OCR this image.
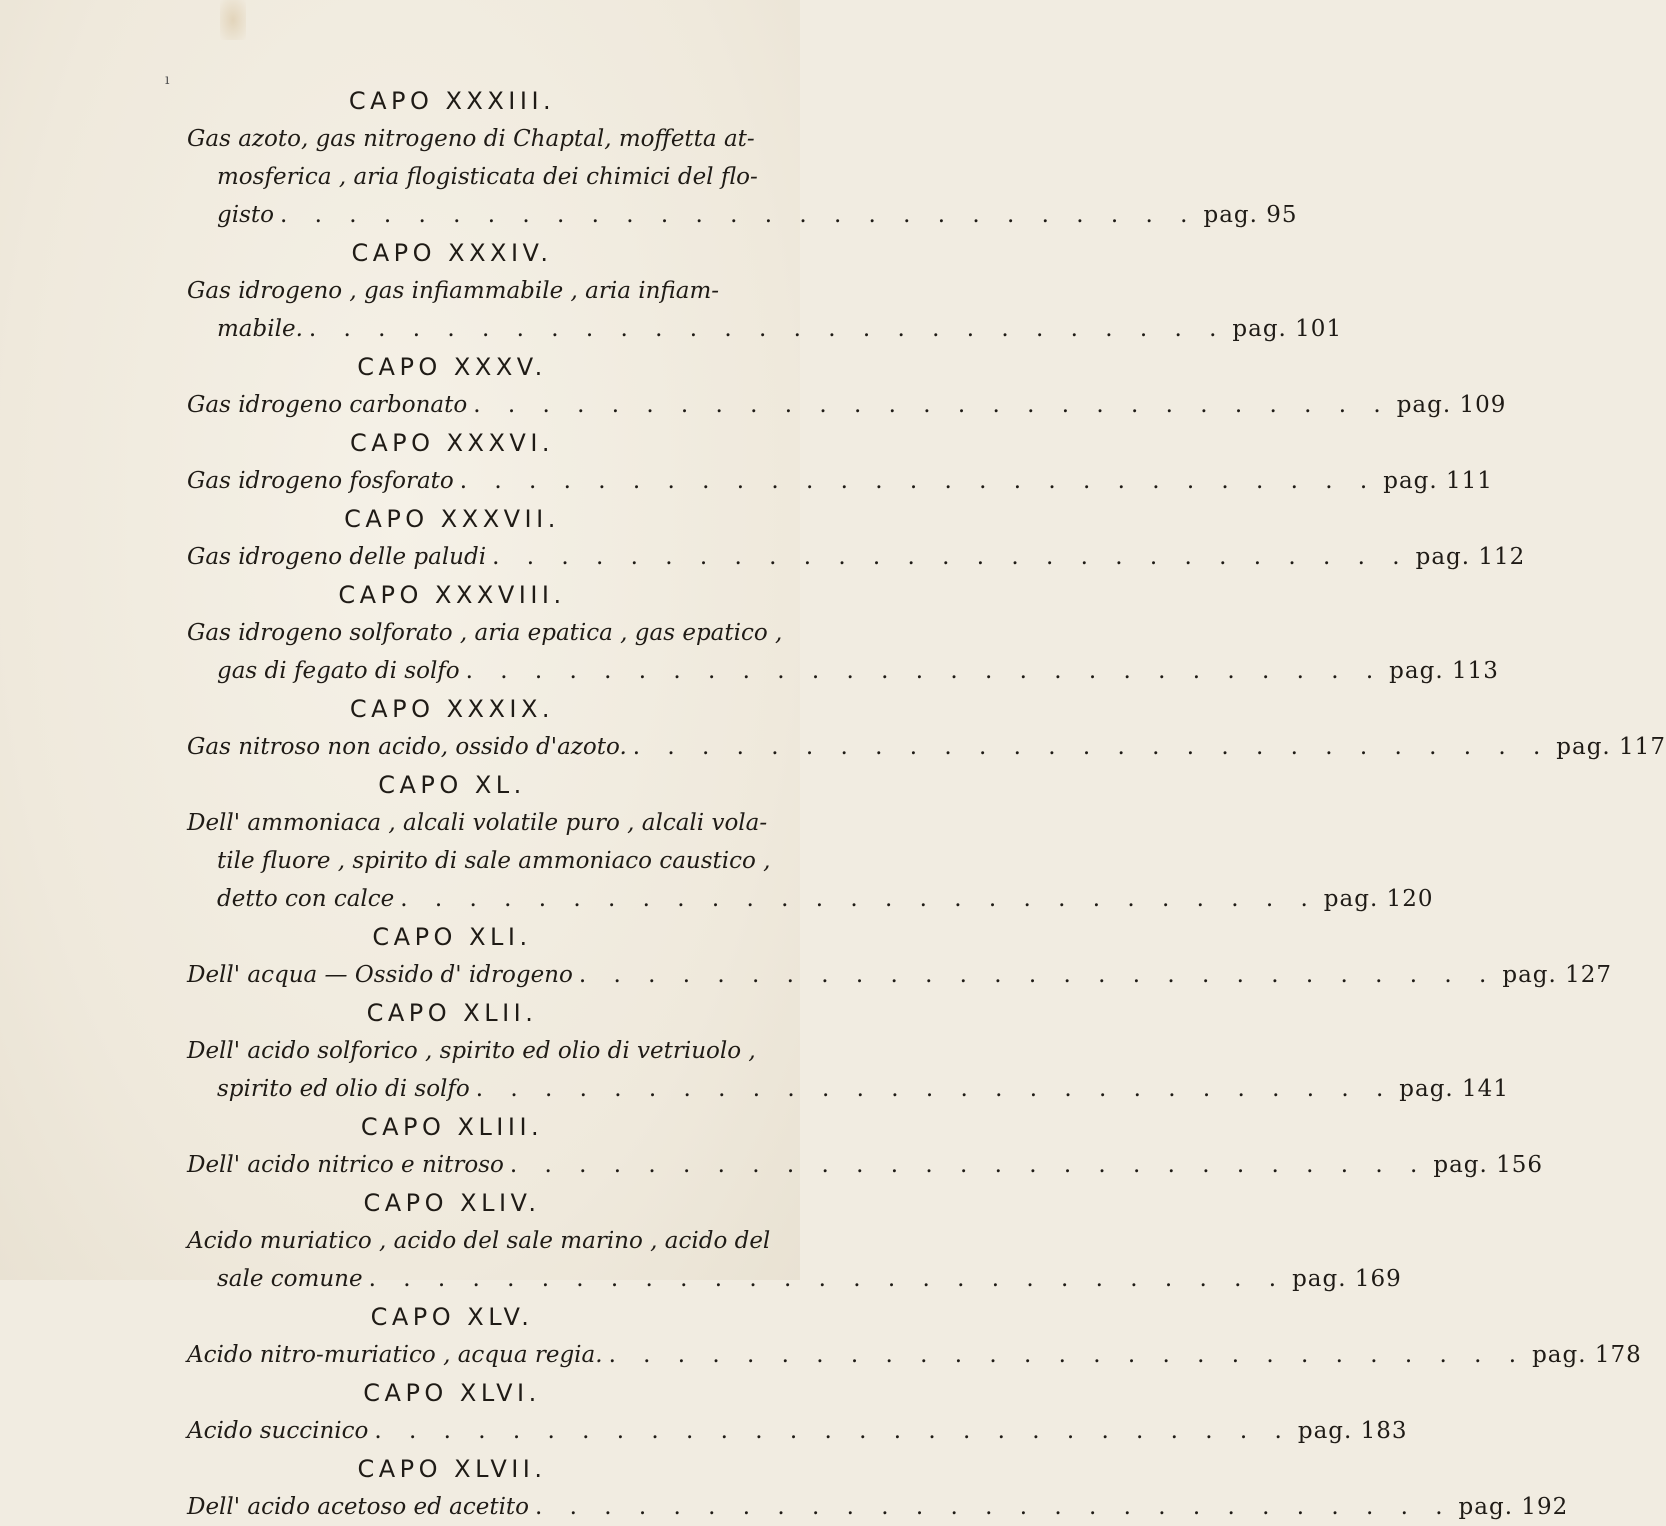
ı
CAPO XXXIII.
Gas azoto, gas nitrogeno di Chaptal, moffetta at-
mosferica , aria flogisticata dei chimici del flo-
gisto . . . . . . . . . . . . . . . . . . . . . . . . . . . pag. 95
CAPO XXXIV.
Gas idrogeno , gas infiammabile , aria infiam-
mabile. . . . . . . . . . . . . . . . . . . . . . . . . . . . pag. 101
CAPO XXXV.
Gas idrogeno carbonato . . . . . . . . . . . . . . . . . . . . . . . . . . . pag. 109
CAPO XXXVI.
Gas idrogeno fosforato . . . . . . . . . . . . . . . . . . . . . . . . . . . pag. 111
CAPO XXXVII.
Gas idrogeno delle paludi . . . . . . . . . . . . . . . . . . . . . . . . . . . pag. 112
CAPO XXXVIII.
Gas idrogeno solforato , aria epatica , gas epatico ,
gas di fegato di solfo . . . . . . . . . . . . . . . . . . . . . . . . . . . pag. 113
CAPO XXXIX.
Gas nitroso non acido, ossido d'azoto. . . . . . . . . . . . . . . . . . . . . . . . . . . . pag. 117
CAPO XL.
Dell' ammoniaca , alcali volatile puro , alcali vola-
tile fluore , spirito di sale ammoniaco caustico ,
detto con calce . . . . . . . . . . . . . . . . . . . . . . . . . . . pag. 120
CAPO XLI.
Dell' acqua — Ossido d' idrogeno . . . . . . . . . . . . . . . . . . . . . . . . . . . pag. 127
CAPO XLII.
Dell' acido solforico , spirito ed olio di vetriuolo ,
spirito ed olio di solfo . . . . . . . . . . . . . . . . . . . . . . . . . . . pag. 141
CAPO XLIII.
Dell' acido nitrico e nitroso . . . . . . . . . . . . . . . . . . . . . . . . . . . pag. 156
CAPO XLIV.
Acido muriatico , acido del sale marino , acido del
sale comune . . . . . . . . . . . . . . . . . . . . . . . . . . . pag. 169
CAPO XLV.
Acido nitro-muriatico , acqua regia. . . . . . . . . . . . . . . . . . . . . . . . . . . . pag. 178
CAPO XLVI.
Acido succinico . . . . . . . . . . . . . . . . . . . . . . . . . . . pag. 183
CAPO XLVII.
Dell' acido acetoso ed acetito . . . . . . . . . . . . . . . . . . . . . . . . . . . pag. 192
